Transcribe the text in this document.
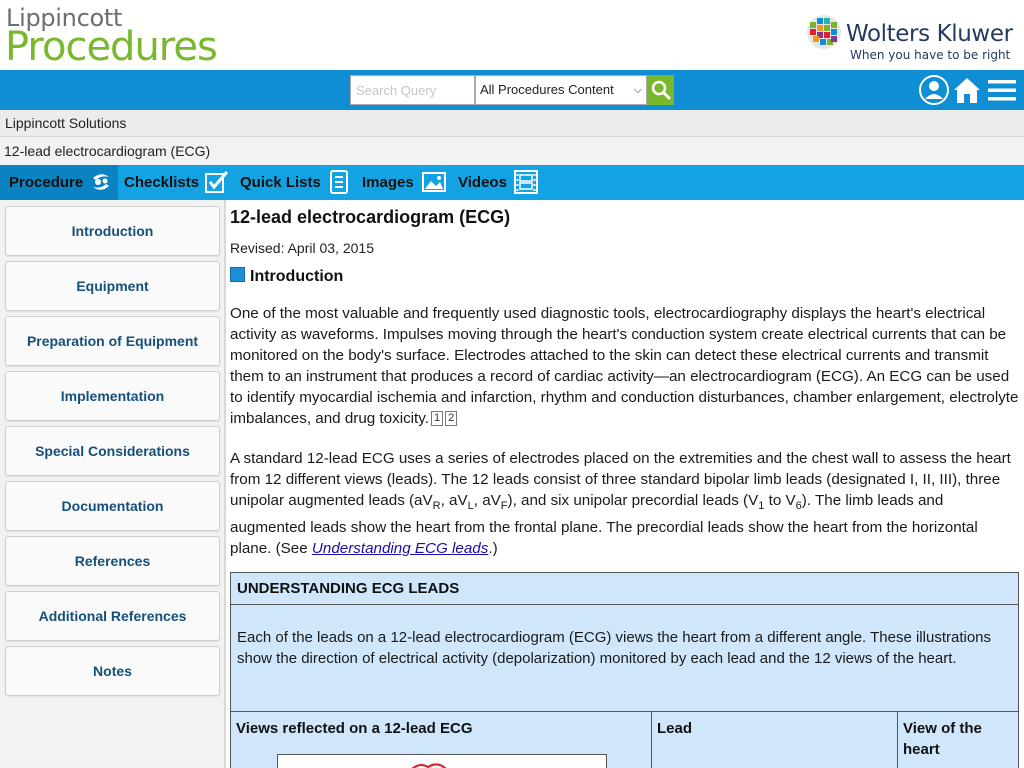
Lippincott
Procedures	Wolters Kluwer
When you have to be right
Search Query
All Procedures Content ⌵
Lippincott Solutions
12-lead electrocardiogram (ECG)
Procedure	Checklists	Quick Lists	Images	Videos
Introduction
Equipment
Preparation of Equipment
Implementation
Special Considerations
Documentation
References
Additional References
Notes
12-lead electrocardiogram (ECG)
Revised: April 03, 2015
Introduction
One of the most valuable and frequently used diagnostic tools, electrocardiography displays the heart's electrical activity as waveforms. Impulses moving through the heart's conduction system create electrical currents that can be monitored on the body's surface. Electrodes attached to the skin can detect these electrical currents and transmit them to an instrument that produces a record of cardiac activity—an electrocardiogram (ECG). An ECG can be used to identify myocardial ischemia and infarction, rhythm and conduction disturbances, chamber enlargement, electrolyte imbalances, and drug toxicity. 1 2
A standard 12-lead ECG uses a series of electrodes placed on the extremities and the chest wall to assess the heart from 12 different views (leads). The 12 leads consist of three standard bipolar limb leads (designated I, II, III), three unipolar augmented leads ($aV_R$, $aV_L$, $aV_F$), and six unipolar precordial leads ($V_1$ to $V_6$). The limb leads and augmented leads show the heart from the frontal plane. The precordial leads show the heart from the horizontal plane. (See Understanding ECG leads.)
UNDERSTANDING ECG LEADS
Each of the leads on a 12-lead electrocardiogram (ECG) views the heart from a different angle. These illustrations show the direction of electrical activity (depolarization) monitored by each lead and the 12 views of the heart.
Views reflected on a 12-lead ECG	Lead	View of the heart
